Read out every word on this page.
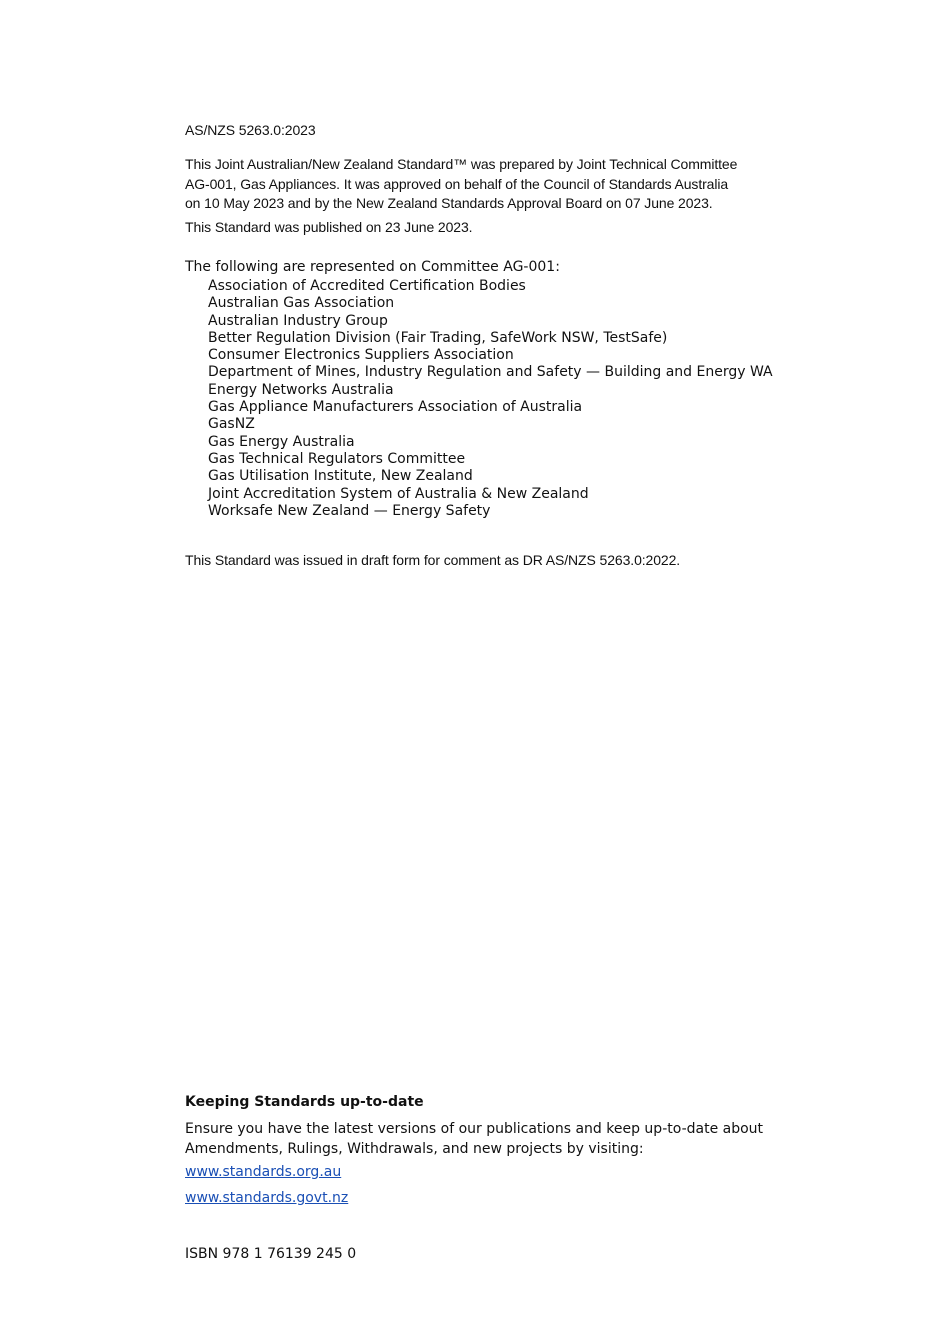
AS/NZS 5263.0:2023
This Joint Australian/New Zealand Standard™ was prepared by Joint Technical Committee
AG-001, Gas Appliances. It was approved on behalf of the Council of Standards Australia
on 10 May 2023 and by the New Zealand Standards Approval Board on 07 June 2023.
This Standard was published on 23 June 2023.
The following are represented on Committee AG-001:
Association of Accredited Certification Bodies
Australian Gas Association
Australian Industry Group
Better Regulation Division (Fair Trading, SafeWork NSW, TestSafe)
Consumer Electronics Suppliers Association
Department of Mines, Industry Regulation and Safety — Building and Energy WA
Energy Networks Australia
Gas Appliance Manufacturers Association of Australia
GasNZ
Gas Energy Australia
Gas Technical Regulators Committee
Gas Utilisation Institute, New Zealand
Joint Accreditation System of Australia & New Zealand
Worksafe New Zealand — Energy Safety
This Standard was issued in draft form for comment as DR AS/NZS 5263.0:2022.
Keeping Standards up-to-date
Ensure you have the latest versions of our publications and keep up-to-date about
Amendments, Rulings, Withdrawals, and new projects by visiting:
www.standards.org.au
www.standards.govt.nz
ISBN 978 1 76139 245 0
